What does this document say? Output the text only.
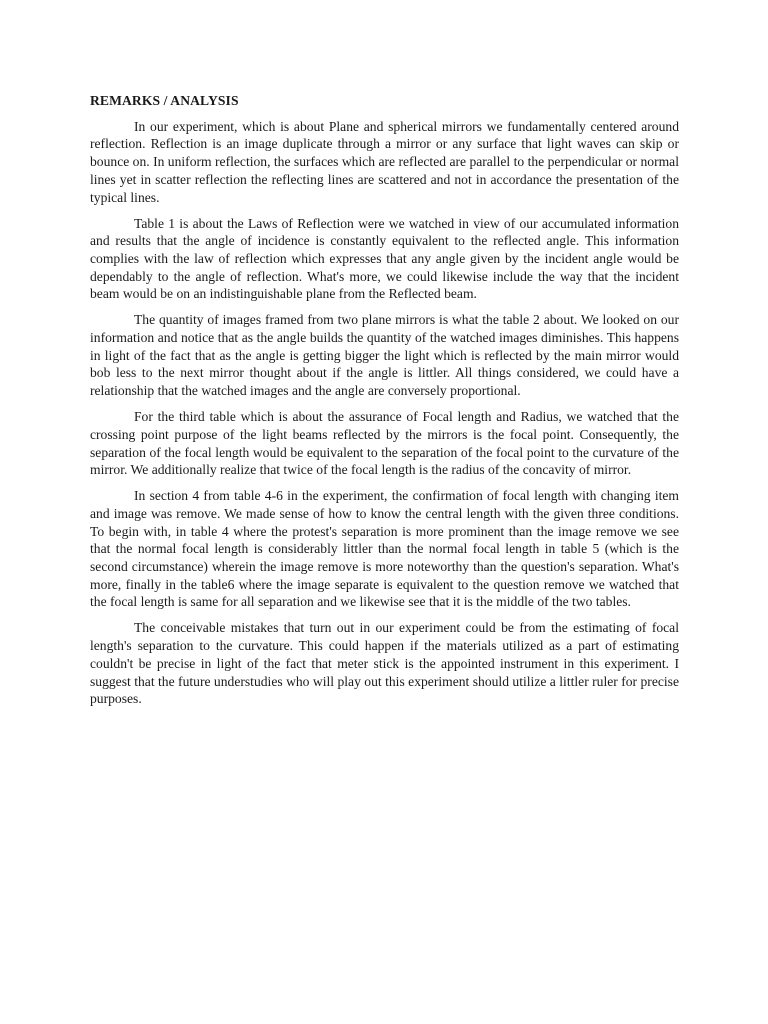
REMARKS / ANALYSIS

In our experiment, which is about Plane and spherical mirrors we fundamentally centered around reflection. Reflection is an image duplicate through a mirror or any surface that light waves can skip or bounce on. In uniform reflection, the surfaces which are reflected are parallel to the perpendicular or normal lines yet in scatter reflection the reflecting lines are scattered and not in accordance the presentation of the typical lines.

Table 1 is about the Laws of Reflection were we watched in view of our accumulated information and results that the angle of incidence is constantly equivalent to the reflected angle. This information complies with the law of reflection which expresses that any angle given by the incident angle would be dependably to the angle of reflection. What's more, we could likewise include the way that the incident beam would be on an indistinguishable plane from the Reflected beam.

The quantity of images framed from two plane mirrors is what the table 2 about. We looked on our information and notice that as the angle builds the quantity of the watched images diminishes. This happens in light of the fact that as the angle is getting bigger the light which is reflected by the main mirror would bob less to the next mirror thought about if the angle is littler. All things considered, we could have a relationship that the watched images and the angle are conversely proportional.

For the third table which is about the assurance of Focal length and Radius, we watched that the crossing point purpose of the light beams reflected by the mirrors is the focal point. Consequently, the separation of the focal length would be equivalent to the separation of the focal point to the curvature of the mirror. We additionally realize that twice of the focal length is the radius of the concavity of mirror.

In section 4 from table 4-6 in the experiment, the confirmation of focal length with changing item and image was remove. We made sense of how to know the central length with the given three conditions. To begin with, in table 4 where the protest's separation is more prominent than the image remove we see that the normal focal length is considerably littler than the normal focal length in table 5 (which is the second circumstance) wherein the image remove is more noteworthy than the question's separation. What's more, finally in the table6 where the image separate is equivalent to the question remove we watched that the focal length is same for all separation and we likewise see that it is the middle of the two tables.

The conceivable mistakes that turn out in our experiment could be from the estimating of focal length's separation to the curvature. This could happen if the materials utilized as a part of estimating couldn't be precise in light of the fact that meter stick is the appointed instrument in this experiment. I suggest that the future understudies who will play out this experiment should utilize a littler ruler for precise purposes.
